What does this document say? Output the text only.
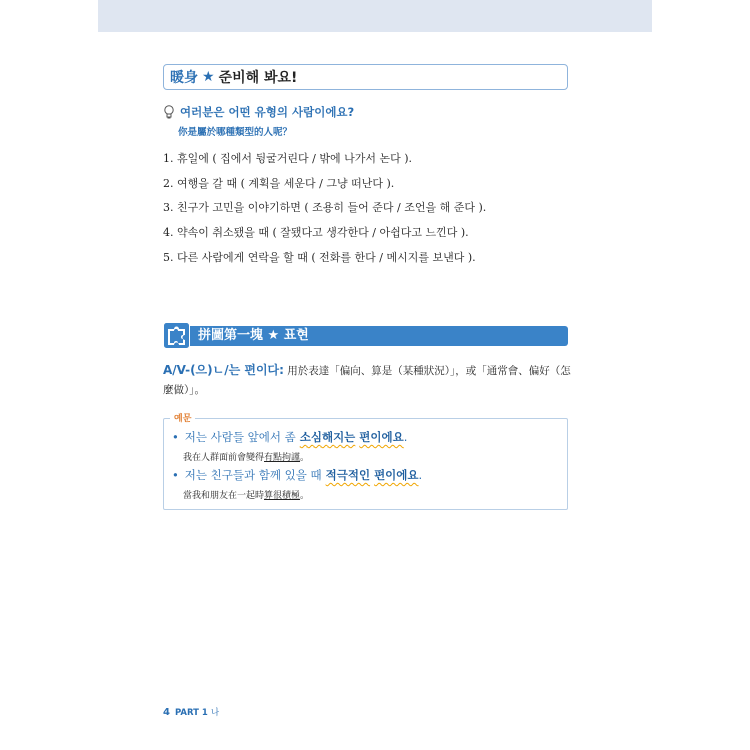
暖身 ★ 준비해 봐요!
여러분은 어떤 유형의 사람이에요?
你是屬於哪種類型的人呢？
1. 휴일에 ( 집에서 뒹굴거린다 / 밖에 나가서 논다 ).
2. 여행을 갈 때 ( 계획을 세운다 / 그냥 떠난다 ).
3. 친구가 고민을 이야기하면 ( 조용히 들어 준다 / 조언을 해 준다 ).
4. 약속이 취소됐을 때 ( 잘됐다고 생각한다 / 아쉽다고 느낀다 ).
5. 다른 사람에게 연락을 할 때 ( 전화를 한다 / 메시지를 보낸다 ).
拼圖第一塊 ★ 표현
A/V-(으)ㄴ/는 편이다: 用於表達「偏向、算是（某種狀況）」，或「通常會、偏好（怎麼做）」。
예문
• 저는 사람들 앞에서 좀 소심해지는 편이에요 .
我在人群面前會變得有點拘謹。
• 저는 친구들과 함께 있을 때 적극적인 편이에요 .
當我和朋友在一起時算很積極。
4 PART 1 나
